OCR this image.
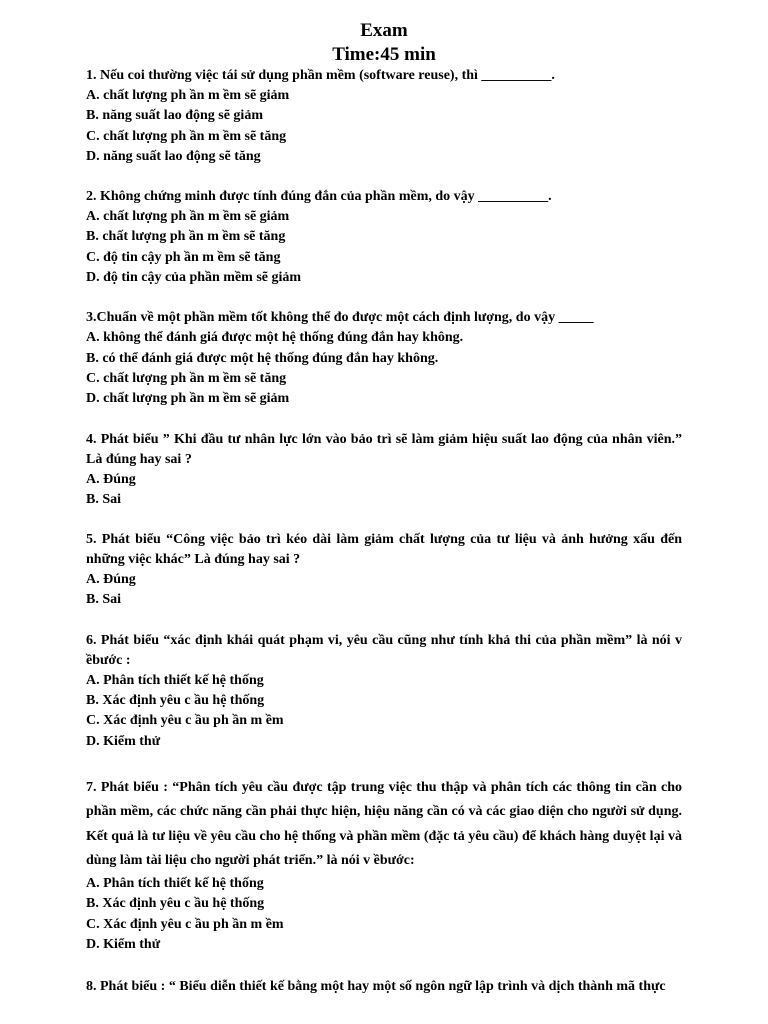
Exam
Time:45 min
1. Nếu coi thường việc tái sử dụng phần mềm (software reuse), thì __________.
A. chất lượng ph ần m ềm sẽ giảm
B. năng suất lao động sẽ giảm
C. chất lượng ph ần m ềm sẽ tăng
D. năng suất lao động sẽ tăng
2. Không chứng minh được tính đúng đắn của phần mềm, do vậy __________.
A. chất lượng ph ần m ềm sẽ giảm
B. chất lượng ph ần m ềm sẽ tăng
C. độ tin cậy ph ần m ềm sẽ tăng
D. độ tin cậy của phần mềm sẽ giảm
3.Chuẩn về một phần mềm tốt không thể đo được một cách định lượng, do vậy _____
A. không thể đánh giá được một hệ thống đúng đắn hay không.
B. có thể đánh giá được một hệ thống đúng đắn hay không.
C. chất lượng ph ần m ềm sẽ tăng
D. chất lượng ph ần m ềm sẽ giảm
4. Phát biểu ” Khi đầu tư nhân lực lớn vào bảo trì sẽ làm giảm hiệu suất lao động của nhân viên.” Là đúng hay sai ?
A. Đúng
B. Sai
5. Phát biểu “Công việc bảo trì kéo dài làm giảm chất lượng của tư liệu và ảnh hưởng xấu đến những việc khác” Là đúng hay sai ?
A. Đúng
B. Sai
6. Phát biểu “xác định khái quát phạm vi, yêu cầu cũng như tính khả thi của phần mềm” là nói v ềbước :
A. Phân tích thiết kế hệ thống
B. Xác định yêu c ầu hệ thống
C. Xác định yêu c ầu ph ần m ềm
D. Kiểm thử
7. Phát biểu : “Phân tích yêu cầu được tập trung việc thu thập và phân tích các thông tin cần cho phần mềm, các chức năng cần phải thực hiện, hiệu năng cần có và các giao diện cho người sử dụng. Kết quả là tư liệu về yêu cầu cho hệ thống và phần mềm (đặc tả yêu cầu) để khách hàng duyệt lại và dùng làm tài liệu cho người phát triển.” là nói v ềbước:
A. Phân tích thiết kế hệ thống
B. Xác định yêu c ầu hệ thống
C. Xác định yêu c ầu ph ần m ềm
D. Kiểm thử
8. Phát biểu : “ Biểu diễn thiết kế bằng một hay một số ngôn ngữ lập trình và dịch thành mã thực
